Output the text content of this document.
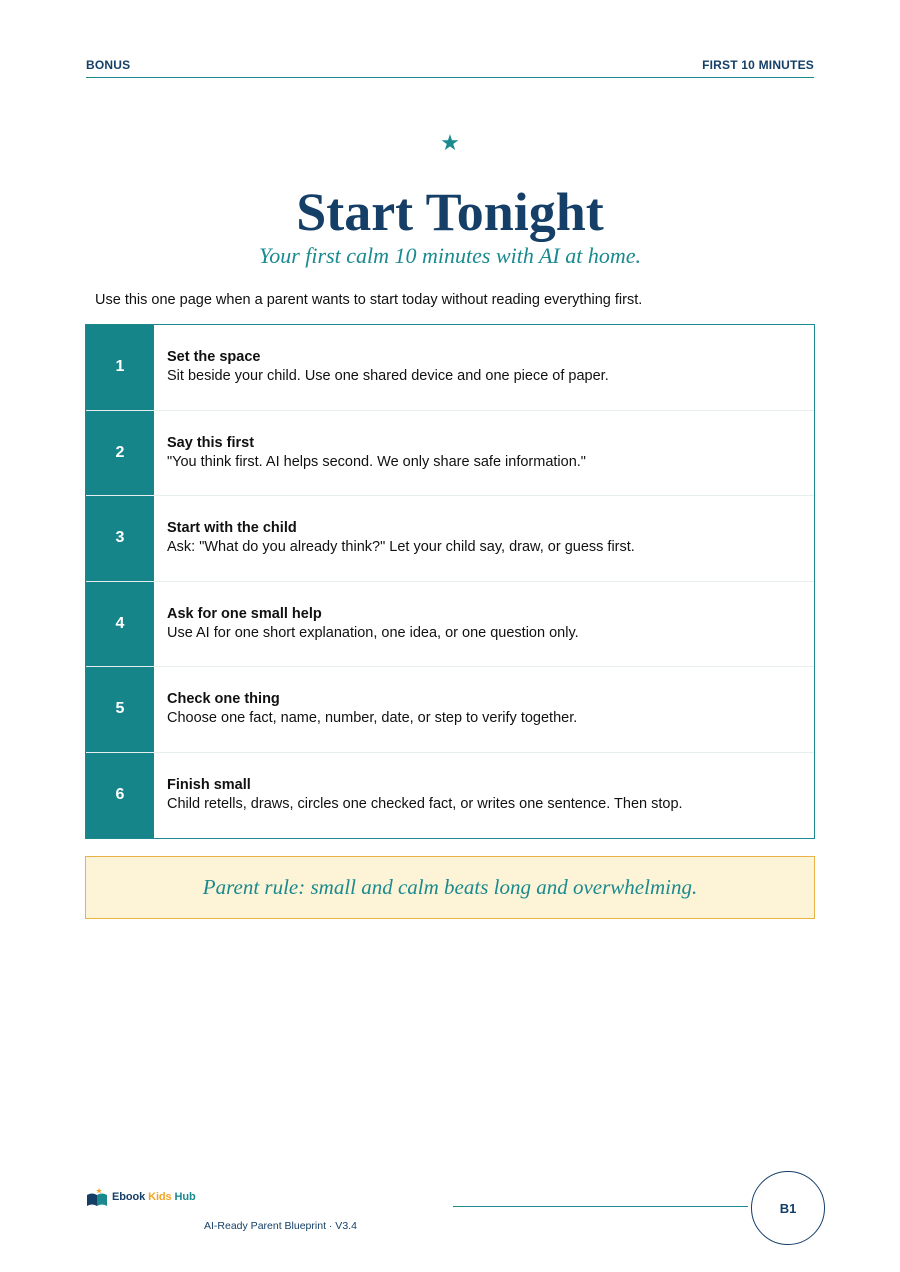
BONUS	FIRST 10 MINUTES
★
Start Tonight
Your first calm 10 minutes with AI at home.

Use this one page when a parent wants to start today without reading everything first.

1
Set the space
Sit beside your child. Use one shared device and one piece of paper.
2
Say this first
"You think first. AI helps second. We only share safe information."
3
Start with the child
Ask: "What do you already think?" Let your child say, draw, or guess first.
4
Ask for one small help
Use AI for one short explanation, one idea, or one question only.
5
Check one thing
Choose one fact, name, number, date, or step to verify together.
6
Finish small
Child retells, draws, circles one checked fact, or writes one sentence. Then stop.
Parent rule: small and calm beats long and overwhelming.
Ebook Kids Hub
AI-Ready Parent Blueprint · V3.4
B1
